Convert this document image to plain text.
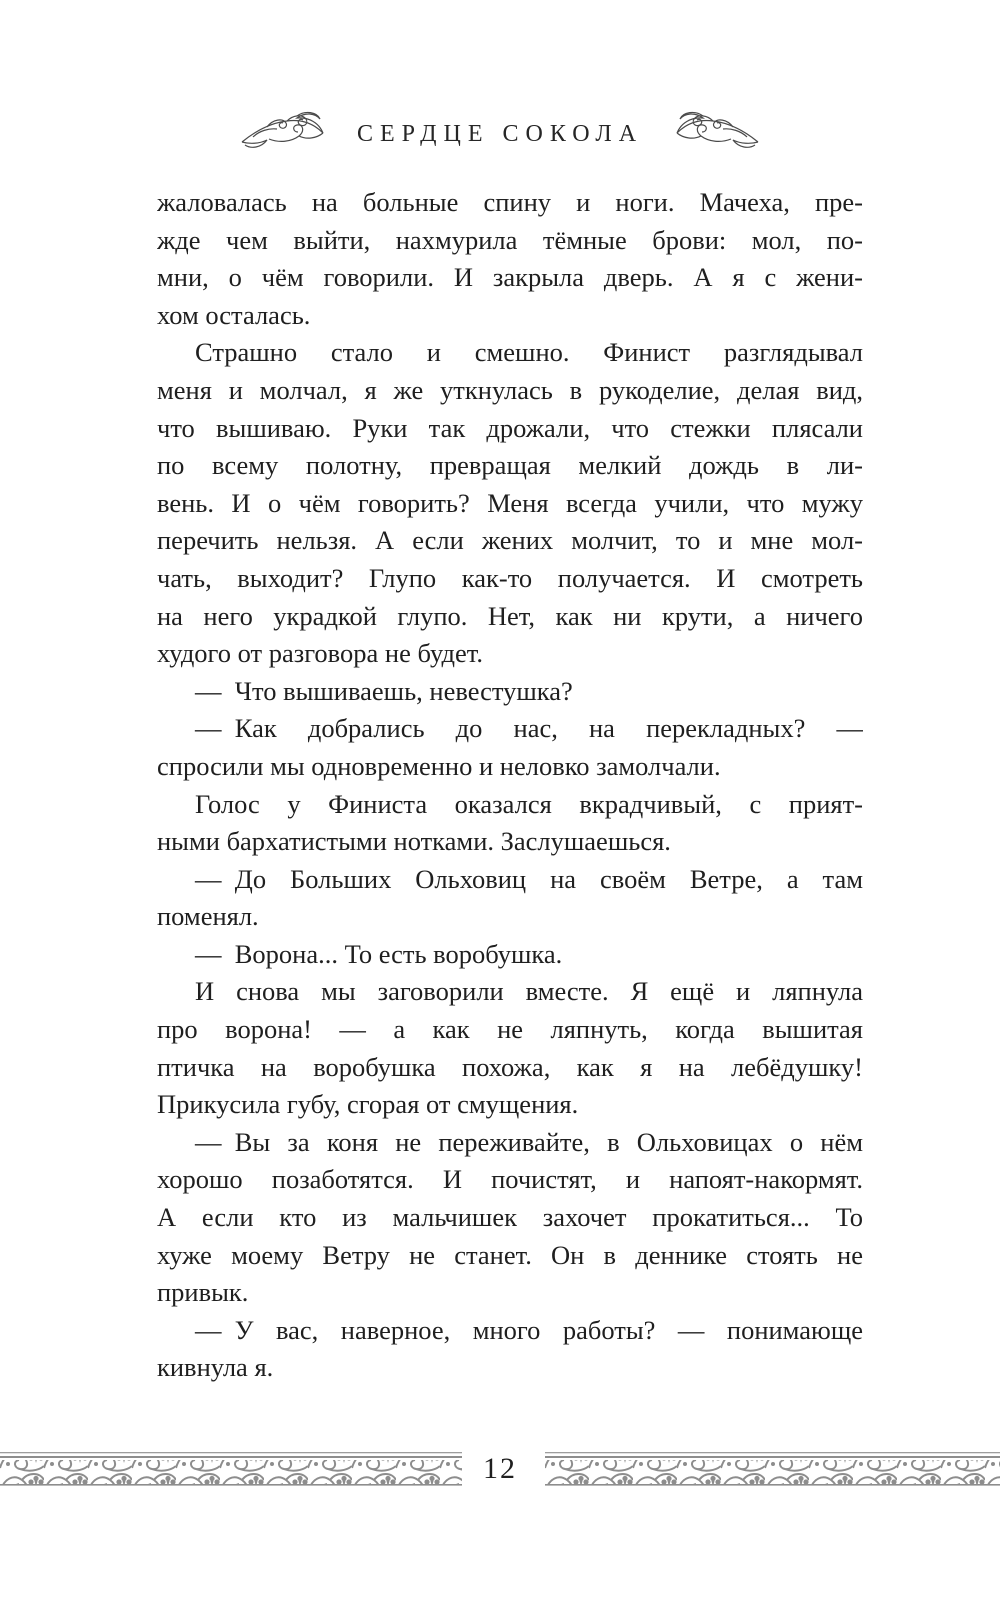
СЕРДЦЕ СОКОЛА
жаловалась на больные спину и ноги. Мачеха, пре-
жде чем выйти, нахмурила тёмные брови: мол, по-
мни, о чём говорили. И закрыла дверь. А я с жени-
хом осталась.
Страшно стало и смешно. Финист разглядывал
меня и молчал, я же уткнулась в рукоделие, делая вид,
что вышиваю. Руки так дрожали, что стежки плясали
по всему полотну, превращая мелкий дождь в ли-
вень. И о чём говорить? Меня всегда учили, что мужу
перечить нельзя. А если жених молчит, то и мне мол-
чать, выходит? Глупо как-то получается. И смотреть
на него украдкой глупо. Нет, как ни крути, а ничего
худого от разговора не будет.
— Что вышиваешь, невестушка?
— Как добрались до нас, на перекладных? —
спросили мы одновременно и неловко замолчали.
Голос у Финиста оказался вкрадчивый, с прият-
ными бархатистыми нотками. Заслушаешься.
— До Больших Ольховиц на своём Ветре, а там
поменял.
— Ворона... То есть воробушка.
И снова мы заговорили вместе. Я ещё и ляпнула
про ворона! — а как не ляпнуть, когда вышитая
птичка на воробушка похожа, как я на лебёдушку!
Прикусила губу, сгорая от смущения.
— Вы за коня не переживайте, в Ольховицах о нём
хорошо позаботятся. И почистят, и напоят-накормят.
А если кто из мальчишек захочет прокатиться... То
хуже моему Ветру не станет. Он в деннике стоять не
привык.
— У вас, наверное, много работы? — понимающе
кивнула я.
12
